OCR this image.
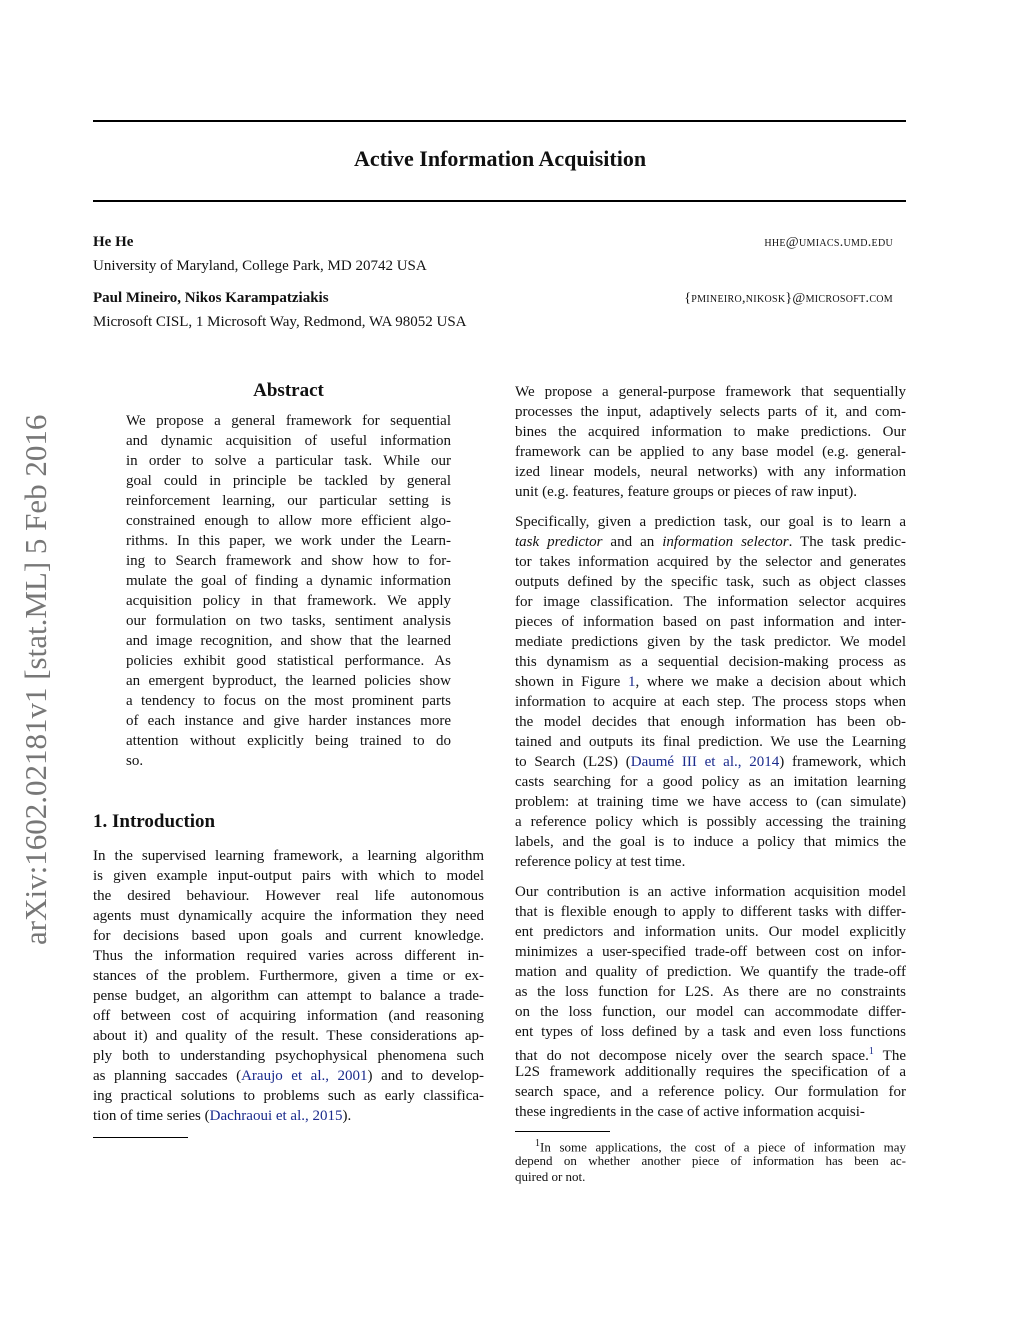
arXiv:1602.02181v1 [stat.ML] 5 Feb 2016
Active Information Acquisition
He He	hhe@umiacs.umd.edu
University of Maryland, College Park, MD 20742 USA
Paul Mineiro, Nikos Karampatziakis	{pmineiro,nikosk}@microsoft.com
Microsoft CISL, 1 Microsoft Way, Redmond, WA 98052 USA
Abstract
We propose a general framework for sequential
and dynamic acquisition of useful information
in order to solve a particular task. While our
goal could in principle be tackled by general
reinforcement learning, our particular setting is
constrained enough to allow more efficient algo-
rithms. In this paper, we work under the Learn-
ing to Search framework and show how to for-
mulate the goal of finding a dynamic information
acquisition policy in that framework. We apply
our formulation on two tasks, sentiment analysis
and image recognition, and show that the learned
policies exhibit good statistical performance. As
an emergent byproduct, the learned policies show
a tendency to focus on the most prominent parts
of each instance and give harder instances more
attention without explicitly being trained to do
so.
1. Introduction
In the supervised learning framework, a learning algorithm
is given example input-output pairs with which to model
the desired behaviour. However real life autonomous
agents must dynamically acquire the information they need
for decisions based upon goals and current knowledge.
Thus the information required varies across different in-
stances of the problem. Furthermore, given a time or ex-
pense budget, an algorithm can attempt to balance a trade-
off between cost of acquiring information (and reasoning
about it) and quality of the result. These considerations ap-
ply both to understanding psychophysical phenomena such
as planning saccades (Araujo et al., 2001) and to develop-
ing practical solutions to problems such as early classifica-
tion of time series (Dachraoui et al., 2015).
We propose a general-purpose framework that sequentially
processes the input, adaptively selects parts of it, and com-
bines the acquired information to make predictions. Our
framework can be applied to any base model (e.g. general-
ized linear models, neural networks) with any information
unit (e.g. features, feature groups or pieces of raw input).
Specifically, given a prediction task, our goal is to learn a
task predictor and an information selector. The task predic-
tor takes information acquired by the selector and generates
outputs defined by the specific task, such as object classes
for image classification. The information selector acquires
pieces of information based on past information and inter-
mediate predictions given by the task predictor. We model
this dynamism as a sequential decision-making process as
shown in Figure 1, where we make a decision about which
information to acquire at each step. The process stops when
the model decides that enough information has been ob-
tained and outputs its final prediction. We use the Learning
to Search (L2S) (Daumé III et al., 2014) framework, which
casts searching for a good policy as an imitation learning
problem: at training time we have access to (can simulate)
a reference policy which is possibly accessing the training
labels, and the goal is to induce a policy that mimics the
reference policy at test time.
Our contribution is an active information acquisition model
that is flexible enough to apply to different tasks with differ-
ent predictors and information units. Our model explicitly
minimizes a user-specified trade-off between cost on infor-
mation and quality of prediction. We quantify the trade-off
as the loss function for L2S. As there are no constraints
on the loss function, our model can accommodate differ-
ent types of loss defined by a task and even loss functions
that do not decompose nicely over the search space.$^1$ The
L2S framework additionally requires the specification of a
search space, and a reference policy. Our formulation for
these ingredients in the case of active information acquisi-
$^1$In some applications, the cost of a piece of information may
depend on whether another piece of information has been ac-
quired or not.
